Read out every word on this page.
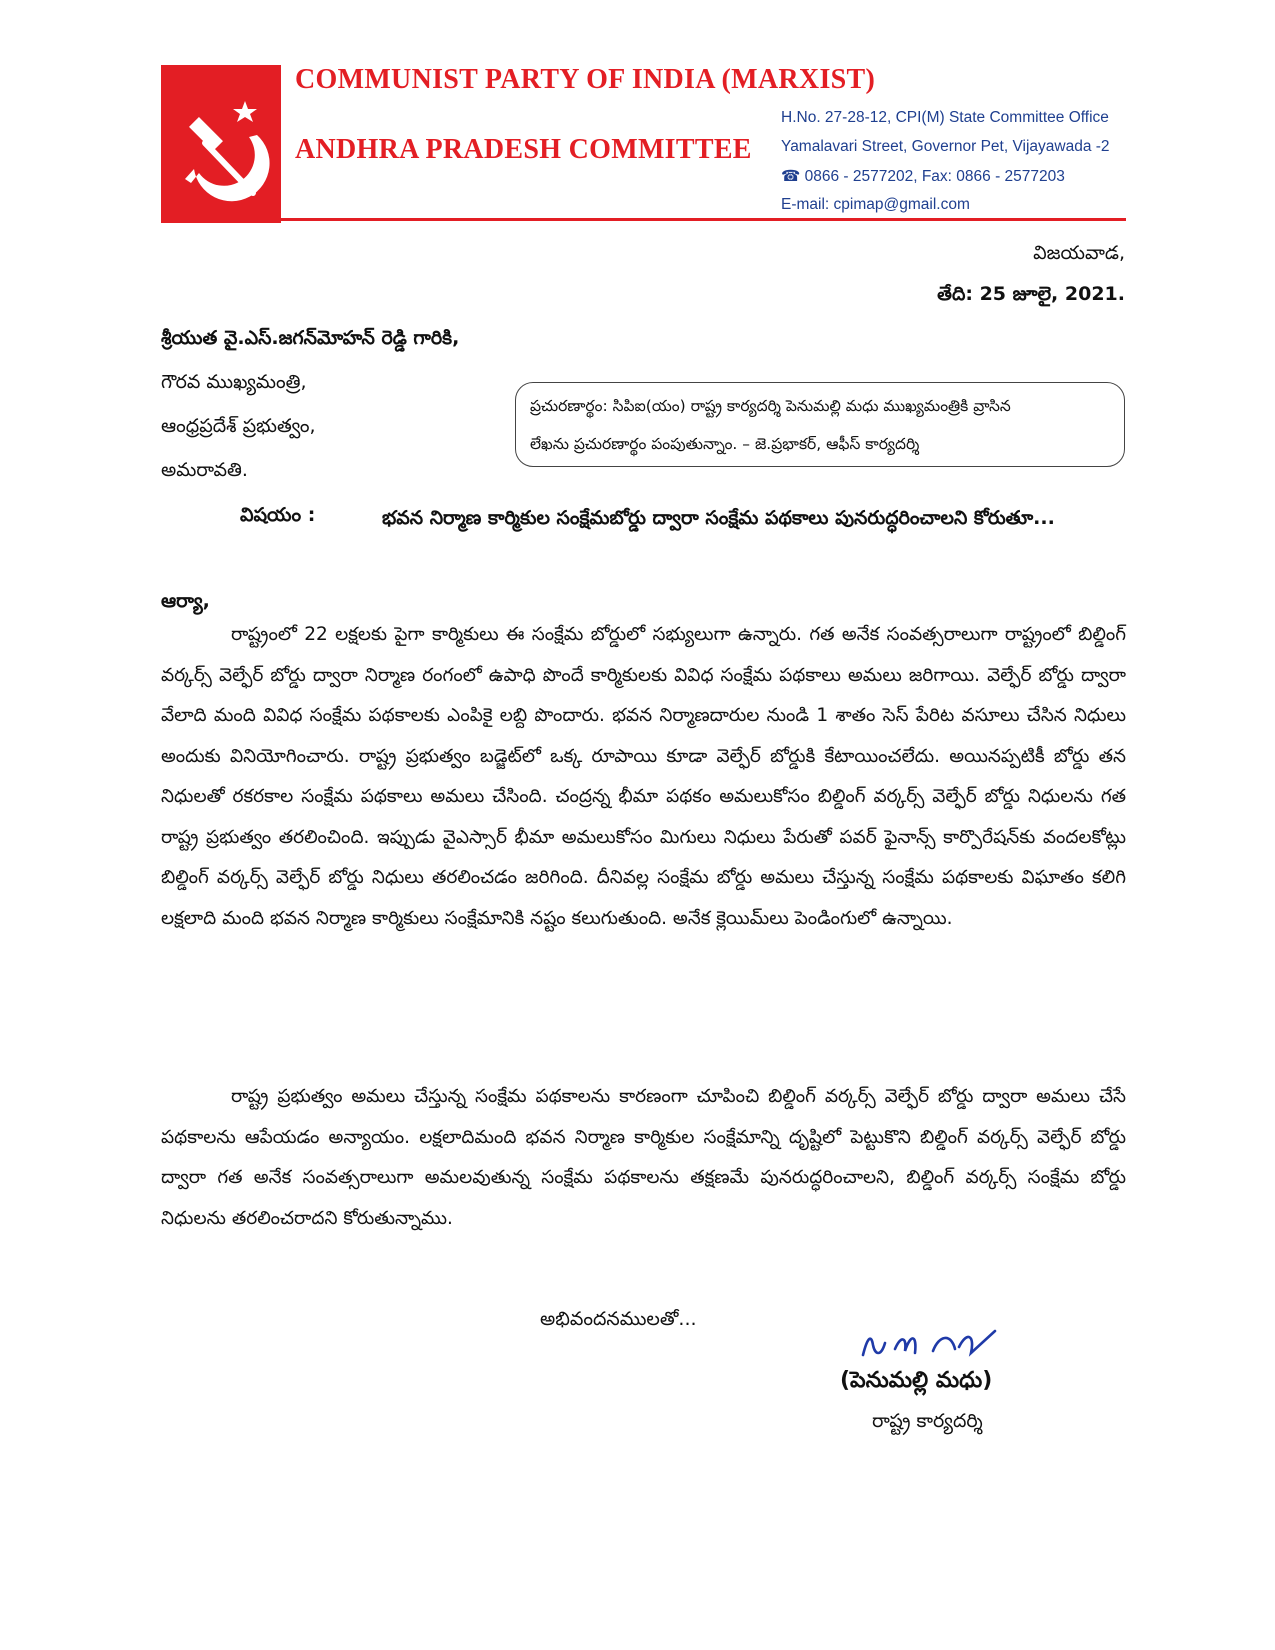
COMMUNIST PARTY OF INDIA (MARXIST)
ANDHRA PRADESH COMMITTEE
H.No. 27-28-12, CPI(M) State Committee Office
Yamalavari Street, Governor Pet, Vijayawada -2
☎ 0866 - 2577202, Fax: 0866 - 2577203
E-mail: cpimap@gmail.com
విజయవాడ,
తేది: 25 జూలై, 2021.
శ్రీయుత వై.ఎస్.జగన్‌మోహన్ రెడ్డి గారికి,
గౌరవ ముఖ్యమంత్రి,
ఆంధ్రప్రదేశ్ ప్రభుత్వం,
అమరావతి.
ప్రచురణార్థం: సిపిఐ(యం) రాష్ట్ర కార్యదర్శి పెనుమల్లి మధు ముఖ్యమంత్రికి వ్రాసిన
లేఖను ప్రచురణార్థం పంపుతున్నాం. – జె.ప్రభాకర్, ఆఫీస్ కార్యదర్శి
విషయం :	భవన నిర్మాణ కార్మికుల సంక్షేమబోర్డు ద్వారా సంక్షేమ పథకాలు పునరుద్ధరించాలని కోరుతూ...
ఆర్యా,
రాష్ట్రంలో 22 లక్షలకు పైగా కార్మికులు ఈ సంక్షేమ బోర్డులో సభ్యులుగా ఉన్నారు. గత అనేక సంవత్సరాలుగా రాష్ట్రంలో బిల్డింగ్ వర్కర్స్ వెల్ఫేర్ బోర్డు ద్వారా నిర్మాణ రంగంలో ఉపాధి పొందే కార్మికులకు వివిధ సంక్షేమ పథకాలు అమలు జరిగాయి. వెల్ఫేర్ బోర్డు ద్వారా వేలాది మంది వివిధ సంక్షేమ పథకాలకు ఎంపికై లబ్ది పొందారు. భవన నిర్మాణదారుల నుండి 1 శాతం సెస్ పేరిట వసూలు చేసిన నిధులు అందుకు వినియోగించారు. రాష్ట్ర ప్రభుత్వం బడ్జెట్‌లో ఒక్క రూపాయి కూడా వెల్ఫేర్ బోర్డుకి కేటాయించలేదు. అయినప్పటికీ బోర్డు తన నిధులతో రకరకాల సంక్షేమ పథకాలు అమలు చేసింది. చంద్రన్న భీమా పథకం అమలుకోసం బిల్డింగ్ వర్కర్స్ వెల్ఫేర్ బోర్డు నిధులను గత రాష్ట్ర ప్రభుత్వం తరలించింది. ఇప్పుడు వైఎస్సార్ భీమా అమలుకోసం మిగులు నిధులు పేరుతో పవర్ ఫైనాన్స్ కార్పొరేషన్‌కు వందలకోట్లు బిల్డింగ్ వర్కర్స్ వెల్ఫేర్ బోర్డు నిధులు తరలించడం జరిగింది. దీనివల్ల సంక్షేమ బోర్డు అమలు చేస్తున్న సంక్షేమ పథకాలకు విఘాతం కలిగి లక్షలాది మంది భవన నిర్మాణ కార్మికులు సంక్షేమానికి నష్టం కలుగుతుంది. అనేక క్లెయిమ్‌లు పెండింగులో ఉన్నాయి.
రాష్ట్ర ప్రభుత్వం అమలు చేస్తున్న సంక్షేమ పథకాలను కారణంగా చూపించి బిల్డింగ్ వర్కర్స్ వెల్ఫేర్ బోర్డు ద్వారా అమలు చేసే పథకాలను ఆపేయడం అన్యాయం. లక్షలాదిమంది భవన నిర్మాణ కార్మికుల సంక్షేమాన్ని దృష్టిలో పెట్టుకొని బిల్డింగ్ వర్కర్స్ వెల్ఫేర్ బోర్డు ద్వారా గత అనేక సంవత్సరాలుగా అమలవుతున్న సంక్షేమ పథకాలను తక్షణమే పునరుద్ధరించాలని, బిల్డింగ్ వర్కర్స్ సంక్షేమ బోర్డు నిధులను తరలించరాదని కోరుతున్నాము.
అభివందనములతో...
(పెనుమల్లి మధు)
రాష్ట్ర కార్యదర్శి
